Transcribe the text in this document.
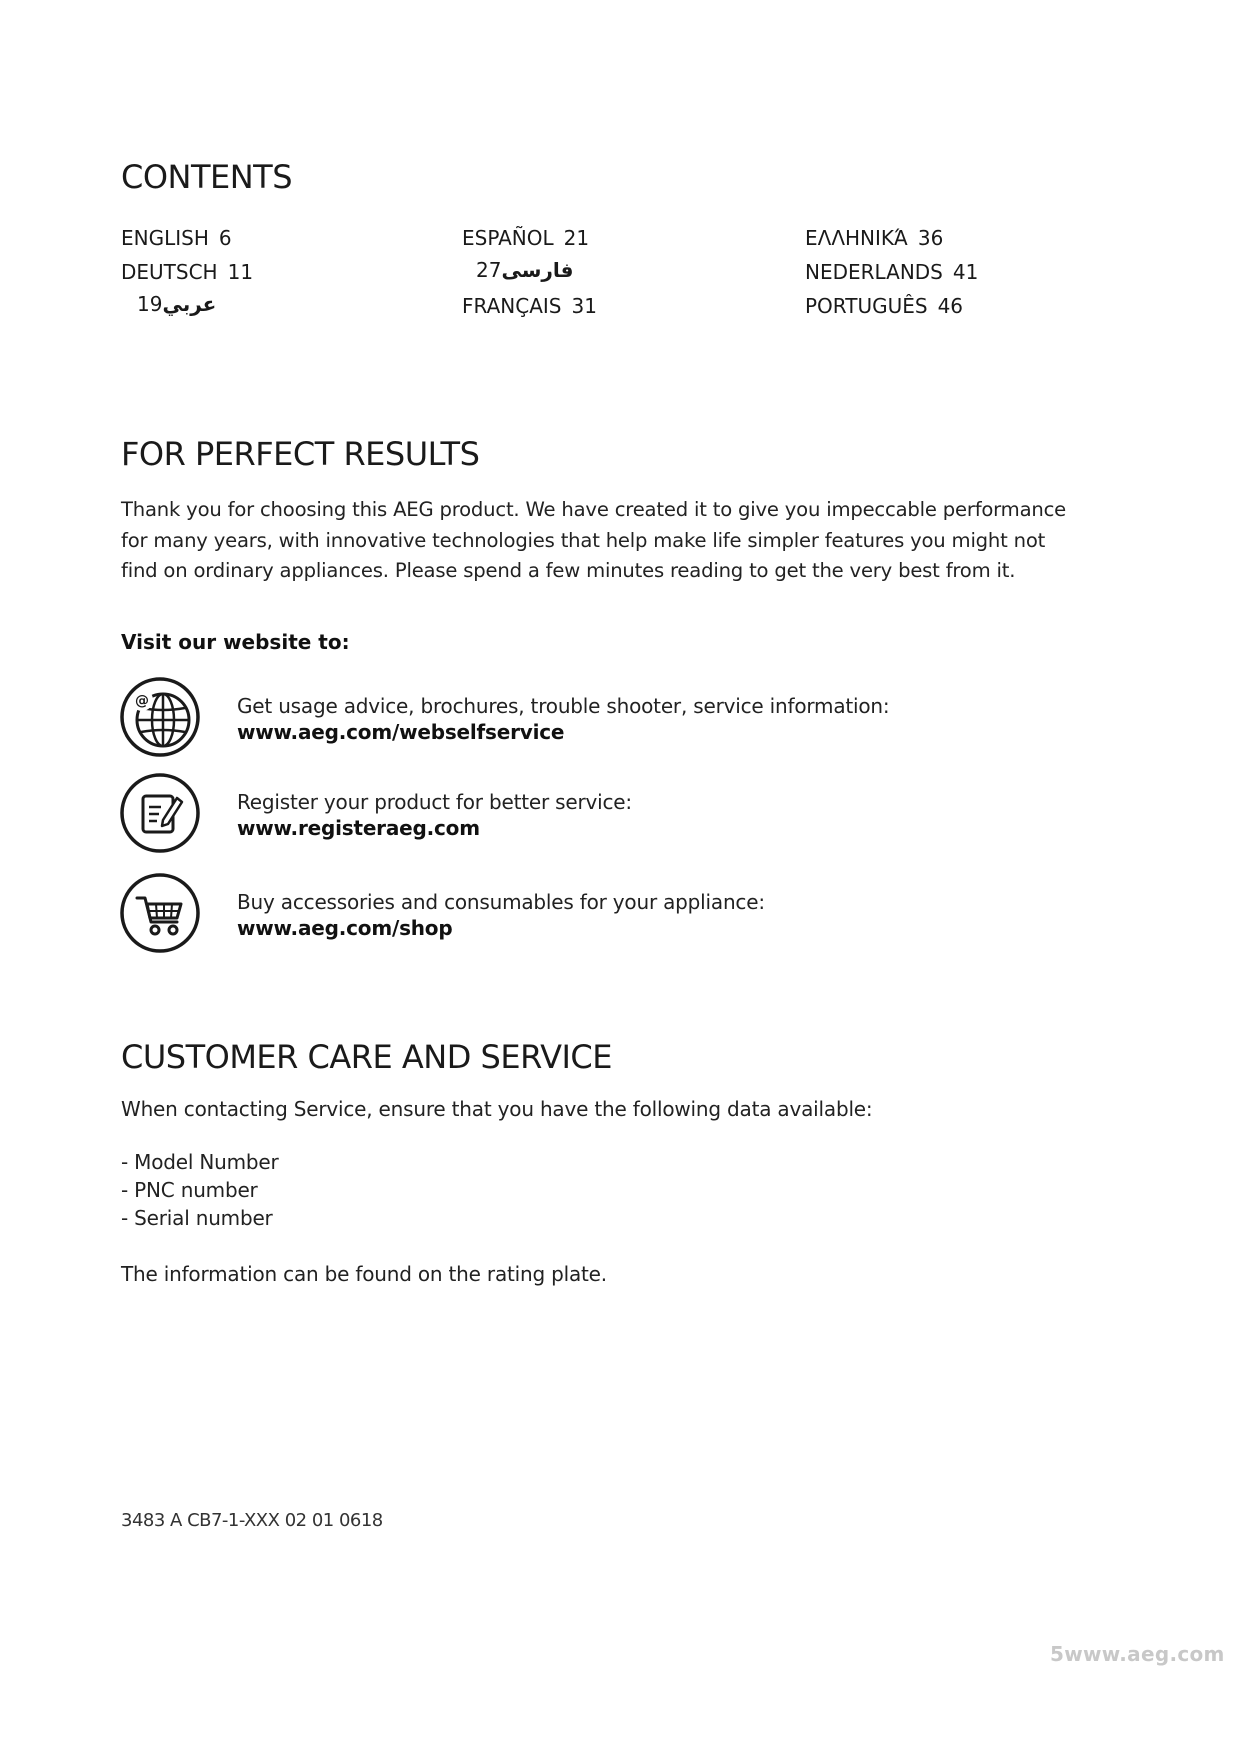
CONTENTS
ENGLISH 6
DEUTSCH 11
عربي19
ESPAÑOL 21
فارسی27
FRANÇAIS 31
ΕΛΛΗΝΙΚΆ 36
NEDERLANDS 41
PORTUGUÊS 46
FOR PERFECT RESULTS

Thank you for choosing this AEG product. We have created it to give you impeccable performance for many years, with innovative technologies that help make life simpler features you might not find on ordinary appliances. Please spend a few minutes reading to get the very best from it.

Visit our website to:

@	Get usage advice, brochures, trouble shooter, service information:
www.aeg.com/webselfservice
Register your product for better service:
www.registeraeg.com
Buy accessories and consumables for your appliance:
www.aeg.com/shop
CUSTOMER CARE AND SERVICE

When contacting Service, ensure that you have the following data available:

- Model Number
- PNC number
- Serial number

The information can be found on the rating plate.

3483 A CB7-1-XXX 02 01 0618
5www.aeg.com
